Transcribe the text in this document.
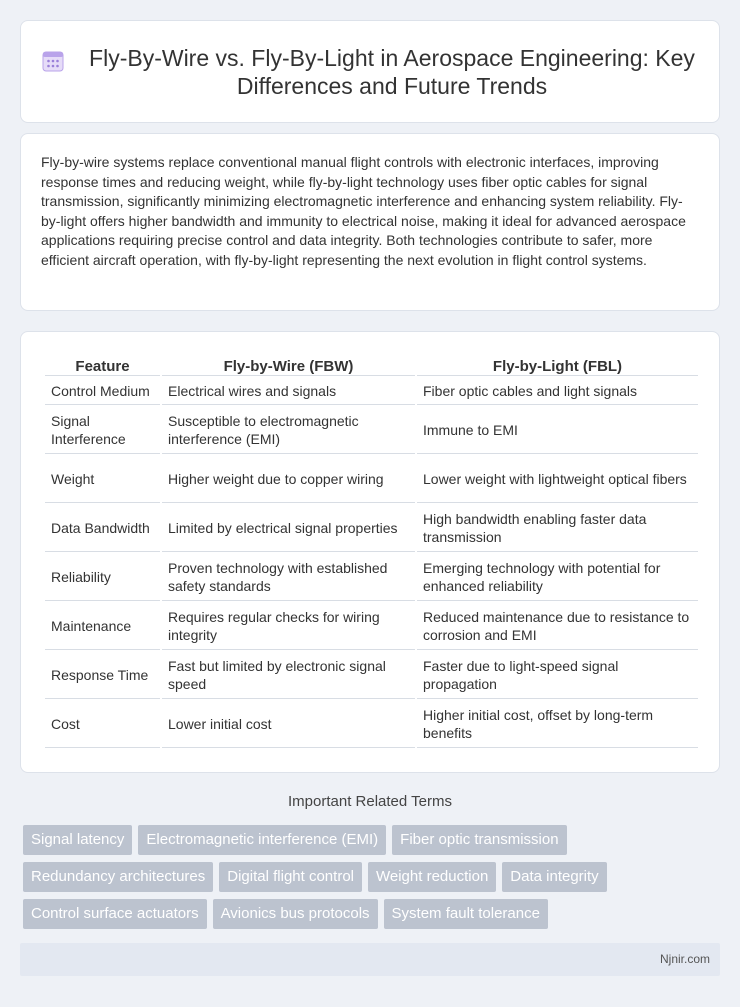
Fly-By-Wire vs. Fly-By-Light in Aerospace Engineering: Key Differences and Future Trends

Fly-by-wire systems replace conventional manual flight controls with electronic interfaces, improving response times and reducing weight, while fly-by-light technology uses fiber optic cables for signal transmission, significantly minimizing electromagnetic interference and enhancing system reliability. Fly-by-light offers higher bandwidth and immunity to electrical noise, making it ideal for advanced aerospace applications requiring precise control and data integrity. Both technologies contribute to safer, more efficient aircraft operation, with fly-by-light representing the next evolution in flight control systems.

Feature	Fly-by-Wire (FBW)	Fly-by-Light (FBL)
Control Medium	Electrical wires and signals	Fiber optic cables and light signals
Signal Interference	Susceptible to electromagnetic interference (EMI)	Immune to EMI
Weight	Higher weight due to copper wiring	Lower weight with lightweight optical fibers
Data Bandwidth	Limited by electrical signal properties	High bandwidth enabling faster data transmission
Reliability	Proven technology with established safety standards	Emerging technology with potential for enhanced reliability
Maintenance	Requires regular checks for wiring integrity	Reduced maintenance due to resistance to corrosion and EMI
Response Time	Fast but limited by electronic signal speed	Faster due to light-speed signal propagation
Cost	Lower initial cost	Higher initial cost, offset by long-term benefits
Important Related Terms
Signal latency	Electromagnetic interference (EMI)	Fiber optic transmission
Redundancy architectures	Digital flight control	Weight reduction	Data integrity
Control surface actuators	Avionics bus protocols	System fault tolerance
Njnir.com
